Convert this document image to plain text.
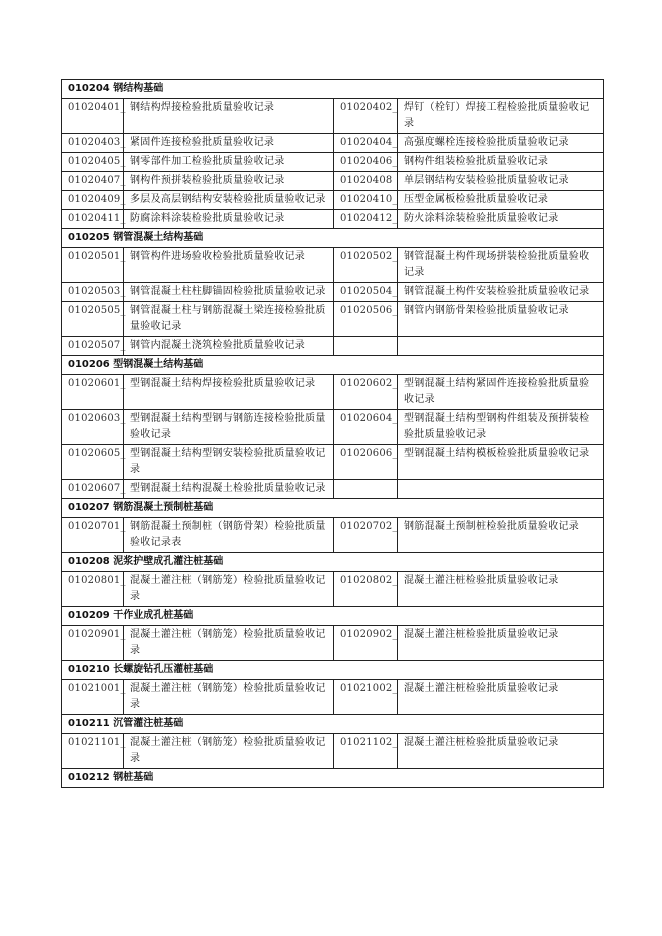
010204 钢结构基础			
01020401_	钢结构焊接检验批质量验收记录	01020402_	焊钉（栓钉）焊接工程检验批质量验收记录
01020403_	紧固件连接检验批质量验收记录	01020404_	高强度螺栓连接检验批质量验收记录
01020405_	钢零部件加工检验批质量验收记录	01020406_	钢构件组装检验批质量验收记录
01020407_	钢构件预拼装检验批质量验收记录	01020408	单层钢结构安装检验批质量验收记录
01020409_	多层及高层钢结构安装检验批质量验收记录	01020410_	压型金属板检验批质量验收记录
01020411_	防腐涂料涂装检验批质量验收记录	01020412_	防火涂料涂装检验批质量验收记录
010205 钢管混凝土结构基础			
01020501_	钢管构件进场验收检验批质量验收记录	01020502_	钢管混凝土构件现场拼装检验批质量验收记录
01020503_	钢管混凝土柱柱脚锚固检验批质量验收记录	01020504_	钢管混凝土构件安装检验批质量验收记录
01020505_	钢管混凝土柱与钢筋混凝土梁连接检验批质量验收记录	01020506_	钢管内钢筋骨架检验批质量验收记录
01020507_	钢管内混凝土浇筑检验批质量验收记录		
010206 型钢混凝土结构基础			
01020601_	型钢混凝土结构焊接检验批质量验收记录	01020602_	型钢混凝土结构紧固件连接检验批质量验收记录
01020603_	型钢混凝土结构型钢与钢筋连接检验批质量验收记录	01020604_	型钢混凝土结构型钢构件组装及预拼装检验批质量验收记录
01020605_	型钢混凝土结构型钢安装检验批质量验收记录	01020606_	型钢混凝土结构模板检验批质量验收记录
01020607_	型钢混凝土结构混凝土检验批质量验收记录		
010207 钢筋混凝土预制桩基础			
01020701_	钢筋混凝土预制桩（钢筋骨架）检验批质量验收记录表	01020702_	钢筋混凝土预制桩检验批质量验收记录
010208 泥浆护壁成孔灌注桩基础			
01020801_	混凝土灌注桩（钢筋笼）检验批质量验收记录	01020802_	混凝土灌注桩检验批质量验收记录
010209 干作业成孔桩基础			
01020901_	混凝土灌注桩（钢筋笼）检验批质量验收记录	01020902_	混凝土灌注桩检验批质量验收记录
010210 长螺旋钻孔压灌桩基础			
01021001_	混凝土灌注桩（钢筋笼）检验批质量验收记录	01021002_	混凝土灌注桩检验批质量验收记录
010211 沉管灌注桩基础			
01021101_	混凝土灌注桩（钢筋笼）检验批质量验收记录	01021102_	混凝土灌注桩检验批质量验收记录
010212 钢桩基础			
